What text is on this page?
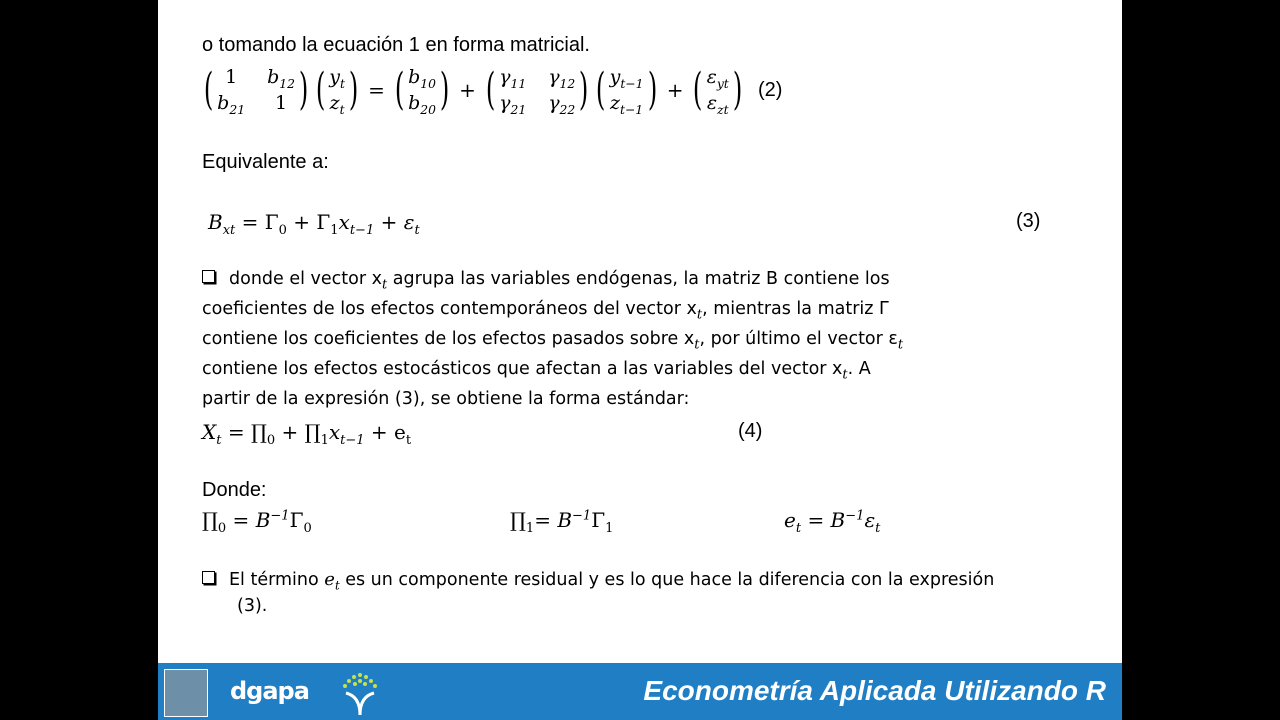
o tomando la ecuación 1 en forma matricial.
( 1	$b_{12}$
$b_{21}$	1 ) ( $y_t$
$z_t$ ) = ( $b_{10}$
$b_{20}$ ) + ( $\gamma_{11}$ $\gamma_{12}$
$\gamma_{21}$ $\gamma_{22}$ ) ( $y_{t-1}$
$z_{t-1}$ ) + ( $\varepsilon_{yt}$
$\varepsilon_{zt}$ ) (2)
Equivalente a:
$B_{xt} = \Gamma_0 + \Gamma_1x_{t-1} + \varepsilon_t$	(3)
donde el vector $x_t$ agrupa las variables endógenas, la matriz B contiene los
coeficientes de los efectos contemporáneos del vector $x_t$, mientras la matriz Γ
contiene los coeficientes de los efectos pasados sobre $x_t$, por último el vector $\varepsilon_t$
contiene los efectos estocásticos que afectan a las variables del vector $x_t$. A
partir de la expresión (3), se obtiene la forma estándar:
$X_t$ = $\prod_0$ + $\prod_1x_{t-1} + e_t$	(4)
Donde:
$\prod_0 = B^{-1}\Gamma_0$	$\prod_1= B^{-1}\Gamma_1$	$e_t = B^{-1}\varepsilon_t$
El término $e_t$ es un componente residual y es lo que hace la diferencia con la expresión
(3).
dgapa	Econometría Aplicada Utilizando R
